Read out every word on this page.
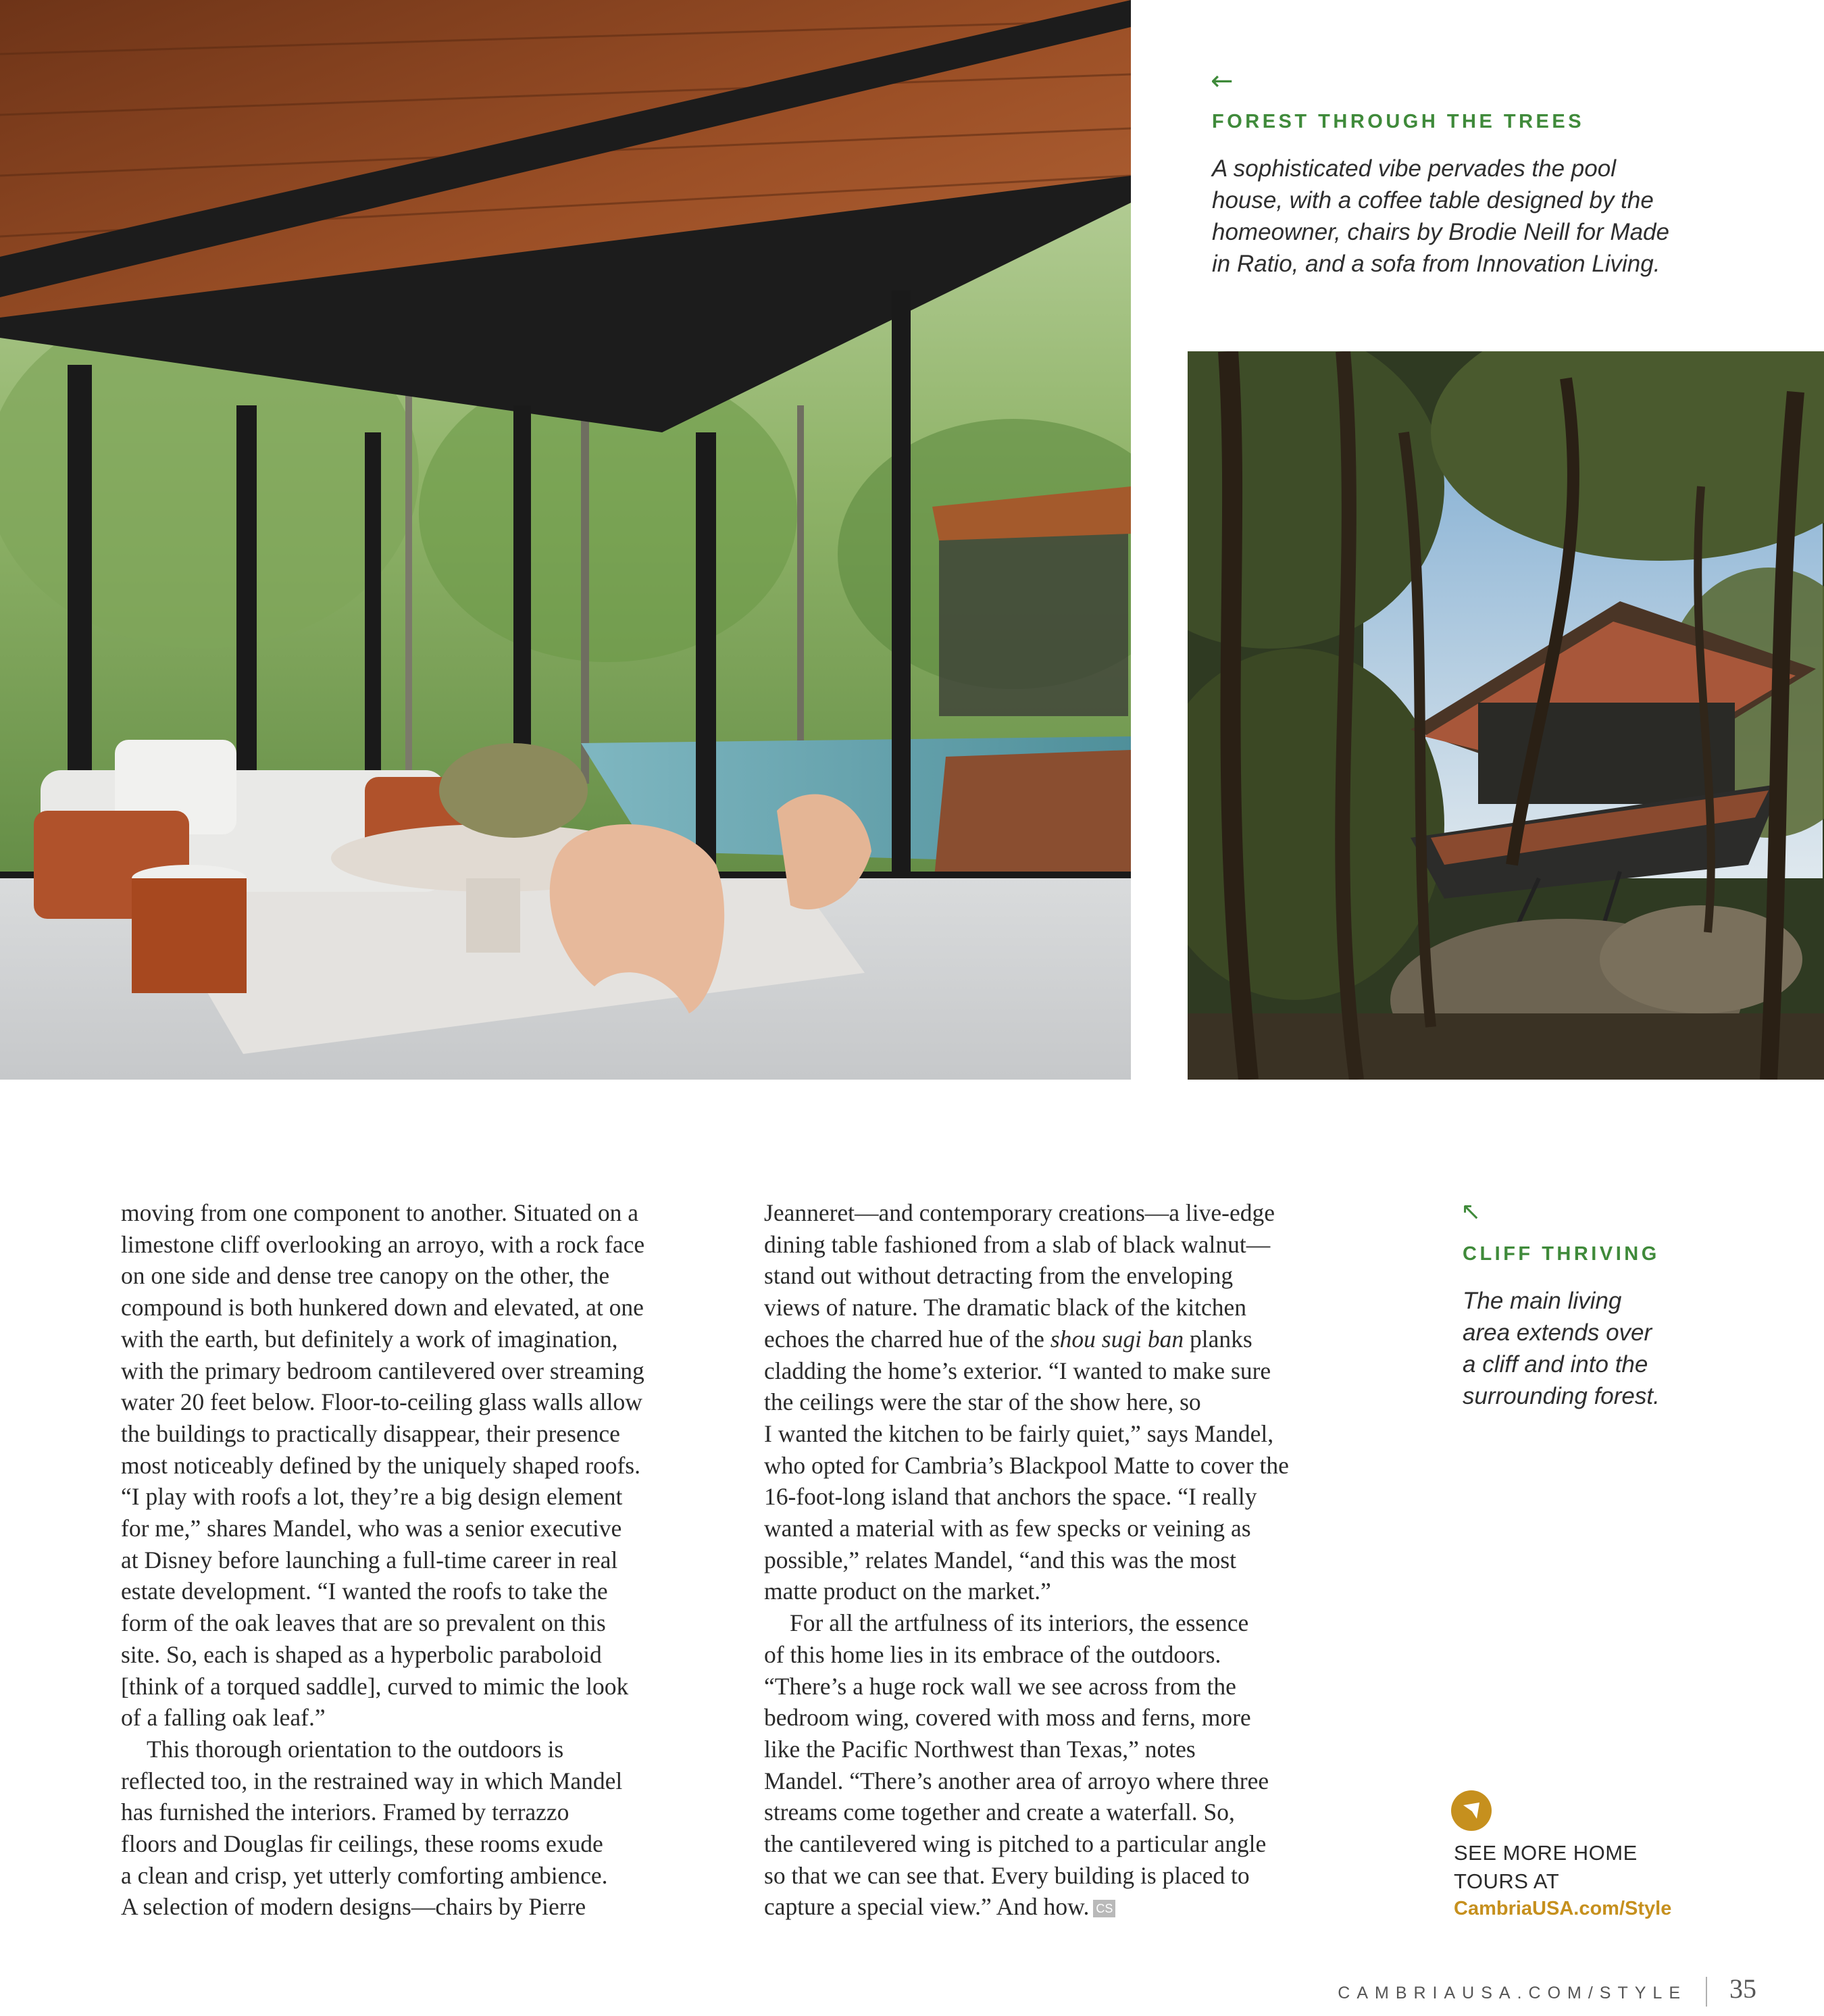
←
FOREST THROUGH THE TREES
A sophisticated vibe pervades the pool
house, with a coffee table designed by the
homeowner, chairs by Brodie Neill for Made
in Ratio, and a sofa from Innovation Living.

moving from one component to another. Situated on a

limestone cliff overlooking an arroyo, with a rock face

on one side and dense tree canopy on the other, the

compound is both hunkered down and elevated, at one

with the earth, but definitely a work of imagination,

with the primary bedroom cantilevered over streaming

water 20 feet below. Floor-to-ceiling glass walls allow

the buildings to practically disappear, their presence

most noticeably defined by the uniquely shaped roofs.

“I play with roofs a lot, they’re a big design element

for me,” shares Mandel, who was a senior executive

at Disney before launching a full-time career in real

estate development. “I wanted the roofs to take the

form of the oak leaves that are so prevalent on this

site. So, each is shaped as a hyperbolic paraboloid

[think of a torqued saddle], curved to mimic the look

of a falling oak leaf.”

This thorough orientation to the outdoors is

reflected too, in the restrained way in which Mandel

has furnished the interiors. Framed by terrazzo

floors and Douglas fir ceilings, these rooms exude

a clean and crisp, yet utterly comforting ambience.

A selection of modern designs—chairs by Pierre

Jeanneret—and contemporary creations—a live-edge

dining table fashioned from a slab of black walnut—

stand out without detracting from the enveloping

views of nature. The dramatic black of the kitchen

echoes the charred hue of the shou sugi ban planks

cladding the home’s exterior. “I wanted to make sure

the ceilings were the star of the show here, so

I wanted the kitchen to be fairly quiet,” says Mandel,

who opted for Cambria’s Blackpool Matte to cover the

16-foot-long island that anchors the space. “I really

wanted a material with as few specks or veining as

possible,” relates Mandel, “and this was the most

matte product on the market.”

For all the artfulness of its interiors, the essence

of this home lies in its embrace of the outdoors.

“There’s a huge rock wall we see across from the

bedroom wing, covered with moss and ferns, more

like the Pacific Northwest than Texas,” notes

Mandel. “There’s another area of arroyo where three

streams come together and create a waterfall. So,

the cantilevered wing is pitched to a particular angle

so that we can see that. Every building is placed to

capture a special view.” And how. CS

↖
CLIFF THRIVING
The main living
area extends over
a cliff and into the
surrounding forest.
SEE MORE HOME
TOURS AT
CambriaUSA.com/Style
CAMBRIAUSA.COM/STYLE 35
